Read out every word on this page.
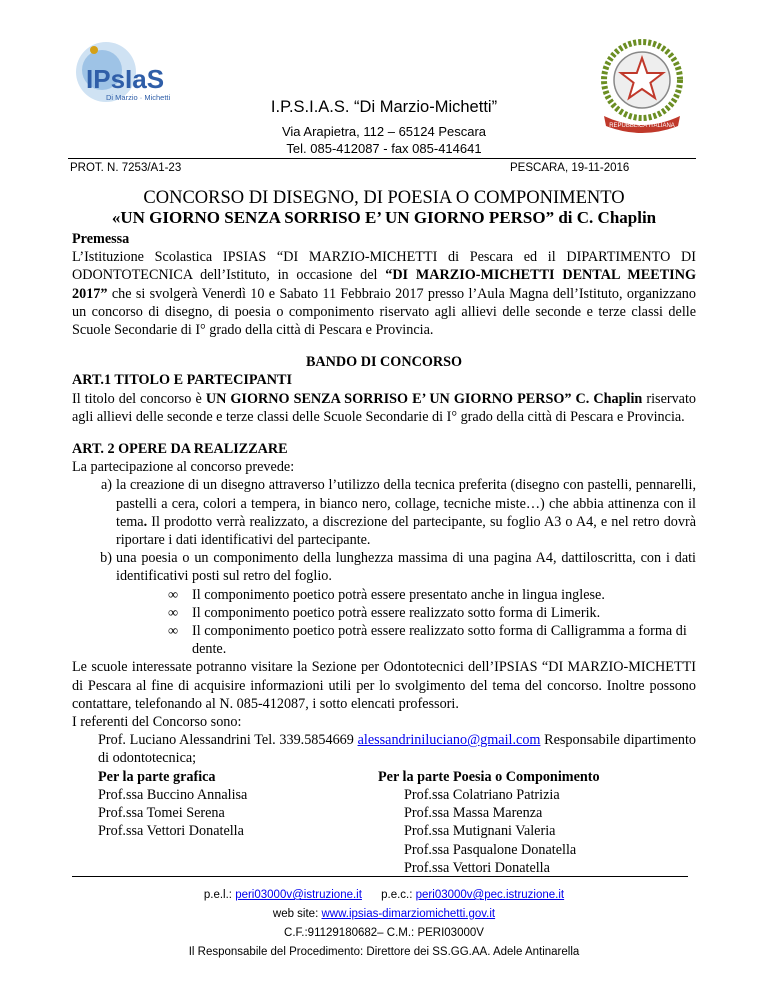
IPsIaS
Di Marzio · Michetti
REPUBBLICA ITALIANA
I.P.S.I.A.S. “Di Marzio-Michetti”
Via Arapietra, 112 – 65124 Pescara
Tel. 085-412087 - fax 085-414641
PROT. N. 7253/A1-23	PESCARA, 19-11-2016
CONCORSO DI DISEGNO, DI POESIA O COMPONIMENTO
«UN GIORNO SENZA SORRISO E’ UN GIORNO PERSO” di C. Chaplin

Premessa

L’Istituzione Scolastica IPSIAS “DI MARZIO-MICHETTI di Pescara ed il DIPARTIMENTO DI ODONTOTECNICA dell’Istituto, in occasione del “DI MARZIO-MICHETTI DENTAL MEETING 2017” che si svolgerà Venerdì 10 e Sabato 11 Febbraio 2017 presso l’Aula Magna dell’Istituto, organizzano un concorso di disegno, di poesia o componimento riservato agli allievi delle seconde e terze classi delle Scuole Secondarie di I° grado della città di Pescara e Provincia.

BANDO DI CONCORSO

ART.1 TITOLO E PARTECIPANTI

Il titolo del concorso è UN GIORNO SENZA SORRISO E’ UN GIORNO PERSO” C. Chaplin riservato agli allievi delle seconde e terze classi delle Scuole Secondarie di I° grado della città di Pescara e Provincia.

ART. 2 OPERE DA REALIZZARE

La partecipazione al concorso prevede:

a) la creazione di un disegno attraverso l’utilizzo della tecnica preferita (disegno con pastelli, pennarelli, pastelli a cera, colori a tempera, in bianco nero, collage, tecniche miste…) che abbia attinenza con il tema. Il prodotto verrà realizzato, a discrezione del partecipante, su foglio A3 o A4, e nel retro dovrà riportare i dati identificativi del partecipante.
b) una poesia o un componimento della lunghezza massima di una pagina A4, dattiloscritta, con i dati identificativi posti sul retro del foglio.
∞ Il componimento poetico potrà essere presentato anche in lingua inglese.
∞ Il componimento poetico potrà essere realizzato sotto forma di Limerik.
∞ Il componimento poetico potrà essere realizzato sotto forma di Calligramma a forma di dente.

Le scuole interessate potranno visitare la Sezione per Odontotecnici dell’IPSIAS “DI MARZIO-MICHETTI di Pescara al fine di acquisire informazioni utili per lo svolgimento del tema del concorso. Inoltre possono contattare, telefonando al N. 085-412087, i sotto elencati professori.

I referenti del Concorso sono:

Prof. Luciano Alessandrini Tel. 339.5854669 alessandriniluciano@gmail.com Responsabile dipartimento di odontotecnica;

Per la parte grafica

Prof.ssa Buccino Annalisa

Prof.ssa Tomei Serena

Prof.ssa Vettori Donatella

Per la parte Poesia o Componimento

Prof.ssa Colatriano Patrizia

Prof.ssa Massa Marenza

Prof.ssa Mutignani Valeria

Prof.ssa Pasqualone Donatella

Prof.ssa Vettori Donatella

p.e.l.: peri03000v@istruzione.it p.e.c.: peri03000v@pec.istruzione.it
web site: www.ipsias-dimarziomichetti.gov.it
C.F.:91129180682– C.M.: PERI03000V
Il Responsabile del Procedimento: Direttore dei SS.GG.AA. Adele Antinarella
